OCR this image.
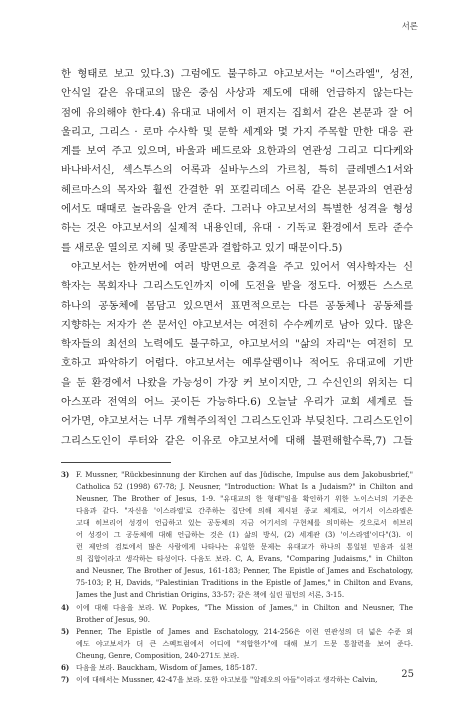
서론
한 형태로 보고 있다.3) 그럼에도 불구하고 야고보서는 "이스라엘", 성전,
안식일 같은 유대교의 많은 중심 사상과 제도에 대해 언급하지 않는다는
점에 유의해야 한다.4) 유대교 내에서 이 편지는 집회서 같은 본문과 잘 어
울리고, 그리스 · 로마 수사학 및 문학 세계와 몇 가지 주목할 만한 대응 관
계를 보여 주고 있으며, 바울과 베드로와 요한과의 연관성 그리고 디다케와
바나바서신, 섹스투스의 어록과 실바누스의 가르침, 특히 클레멘스1서와
헤르마스의 목자와 훨씬 간결한 위 포킬리데스 어록 같은 본문과의 연관성
에서도 때때로 놀라움을 안겨 준다. 그러나 야고보서의 특별한 성격을 형성
하는 것은 야고보서의 실제적 내용인데, 유대 · 기독교 환경에서 토라 준수
를 새로운 열의로 지혜 및 종말론과 결합하고 있기 때문이다.5)
야고보서는 한꺼번에 여러 방면으로 충격을 주고 있어서 역사학자는 신
학자는 목회자나 그리스도인까지 이에 도전을 받을 정도다. 어쨌든 스스로
하나의 공동체에 몸담고 있으면서 표면적으로는 다른 공동체나 공동체를
지향하는 저자가 쓴 문서인 야고보서는 여전히 수수께끼로 남아 있다. 많은
학자들의 최선의 노력에도 불구하고, 야고보서의 "삶의 자리"는 여전히 모
호하고 파악하기 어렵다. 야고보서는 예루살렘이나 적어도 유대교에 기반
을 둔 환경에서 나왔을 가능성이 가장 커 보이지만, 그 수신인의 위치는 디
아스포라 전역의 어느 곳이든 가능하다.6) 오늘날 우리가 교회 세계로 들
어가면, 야고보서는 너무 개혁주의적인 그리스도인과 부딪친다. 그리스도인이
그리스도인이 루터와 같은 이유로 야고보서에 대해 불편해할수록,7) 그들
3) F. Mussner, "Rückbesinnung der Kirchen auf das Jüdische, Impulse aus dem Jakobusbrief,"
Catholica 52 (1998) 67-78; J. Neusner, "Introduction: What Is a Judaism?" in Chilton and
Neusner, The Brother of Jesus, 1-9. "유대교의 한 형태"임을 확인하기 위한 노이스너의 기준은
다음과 같다. "자신을 '이스라엘'로 간주하는 집단에 의해 제시된 종교 체계로, 여기서 이스라엘은
고대 히브리어 성경이 언급하고 있는 공동체의 지금 여기서의 구현체를 의미하는 것으로서 히브리
어 성경이 그 공동체에 대해 언급하는 것은 (1) 삶의 방식, (2) 세계관 (3) '이스라엘'이다"(3). 이
런 제안의 검토에서 많은 사람에게 나타나는 유일한 문제는 유대교가 하나의 통일된 믿음과 실천
의 집합이라고 생각하는 타성이다. 다음도 보라. C, A, Evans, "Comparing Judaisms," in Chilton
and Neusner, The Brother of Jesus, 161-183; Penner, The Epistle of James and Eschatology,
75-103; P, H, Davids, "Palestinian Traditions in the Epistle of James," in Chilton and Evans,
James the Just and Christian Origins, 33-57; 같은 책에 실린 필턴의 서론, 3-15.
4) 이에 대해 다음을 보라. W. Popkes, "The Mission of James," in Chilton and Neusner, The
Brother of Jesus, 90.
5) Penner, The Epistle of James and Eschatology, 214-256은 이런 연관성의 더 넓은 수준 외
에도 야고보서가 더 큰 스펙트럼에서 어디에 "적합한가"에 대해 보기 드문 통찰력을 보여 준다.
Cheung, Genre, Composition, 240-271도 보라.
6) 다음을 보라. Bauckham, Wisdom of James, 185-187.
7) 이에 대해서는 Mussner, 42-47을 보라. 또한 야고보를 "알레오의 아들"이라고 생각하는 Calvin,	25
